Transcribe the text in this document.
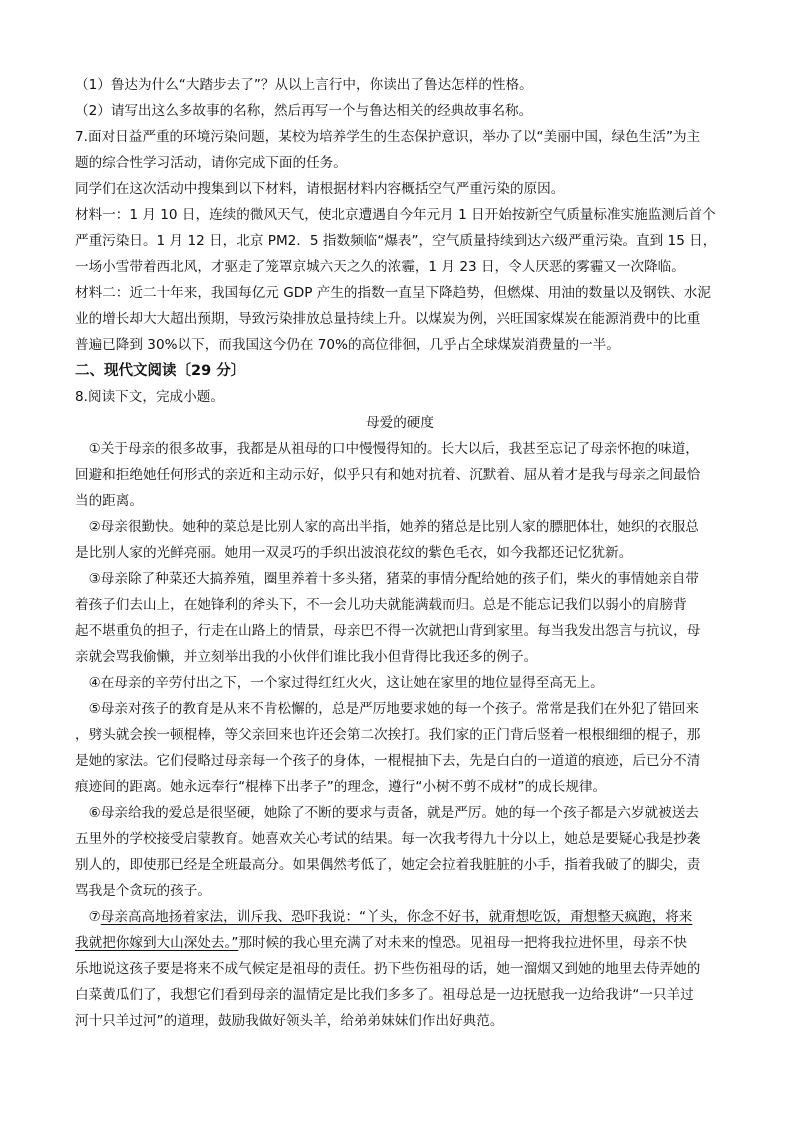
（1）鲁达为什么“大踏步去了”？从以上言行中，你读出了鲁达怎样的性格。
（2）请写出这么多故事的名称，然后再写一个与鲁达相关的经典故事名称。
7.面对日益严重的环境污染问题，某校为培养学生的生态保护意识，举办了以“美丽中国，绿色生活”为主
题的综合性学习活动，请你完成下面的任务。
同学们在这次活动中搜集到以下材料，请根据材料内容概括空气严重污染的原因。
材料一：1 月 10 日，连续的微风天气，使北京遭遇自今年元月 1 日开始按新空气质量标准实施监测后首个
严重污染日。1 月 12 日，北京 PM2．5 指数频临“爆表”，空气质量持续到达六级严重污染。直到 15 日，
一场小雪带着西北风，才驱走了笼罩京城六天之久的浓霾，1 月 23 日，令人厌恶的雾霾又一次降临。
材料二：近二十年来，我国每亿元 GDP 产生的指数一直呈下降趋势，但燃煤、用油的数量以及钢铁、水泥
业的增长却大大超出预期，导致污染排放总量持续上升。以煤炭为例，兴旺国家煤炭在能源消费中的比重
普遍已降到 30%以下，而我国这今仍在 70%的高位徘徊，几乎占全球煤炭消费量的一半。
二、现代文阅读〔29 分〕
8.阅读下文，完成小题。
母爱的硬度
　①关于母亲的很多故事，我都是从祖母的口中慢慢得知的。长大以后，我甚至忘记了母亲怀抱的味道，
回避和拒绝她任何形式的亲近和主动示好，似乎只有和她对抗着、沉默着、屈从着才是我与母亲之间最恰
当的距离。
　②母亲很勤快。她种的菜总是比别人家的高出半指，她养的猪总是比别人家的膘肥体壮，她织的衣服总
是比别人家的光鲜亮丽。她用一双灵巧的手织出波浪花纹的紫色毛衣，如今我都还记忆犹新。
　③母亲除了种菜还大搞养殖，圈里养着十多头猪，猪菜的事情分配给她的孩子们，柴火的事情她亲自带
着孩子们去山上，在她锋利的斧头下，不一会儿功夫就能满载而归。总是不能忘记我们以弱小的肩膀背
起不堪重负的担子，行走在山路上的情景，母亲巴不得一次就把山背到家里。每当我发出怨言与抗议，母
亲就会骂我偷懒，并立刻举出我的小伙伴们谁比我小但背得比我还多的例子。
　④在母亲的辛劳付出之下，一个家过得红红火火，这让她在家里的地位显得至高无上。
　⑤母亲对孩子的教育是从来不肯松懈的，总是严厉地要求她的每一个孩子。常常是我们在外犯了错回来
，劈头就会挨一顿棍棒，等父亲回来也许还会第二次挨打。我们家的正门背后竖着一根根细细的棍子，那
是她的家法。它们侵略过母亲每一个孩子的身体，一棍棍抽下去，先是白白的一道道的痕迹，后已分不清
痕迹间的距离。她永远奉行“棍棒下出孝子”的理念，遵行“小树不剪不成材”的成长规律。
　⑥母亲给我的爱总是很坚硬，她除了不断的要求与责备，就是严厉。她的每一个孩子都是六岁就被送去
五里外的学校接受启蒙教育。她喜欢关心考试的结果。每一次我考得九十分以上，她总是要疑心我是抄袭
别人的，即使那已经是全班最高分。如果偶然考低了，她定会拉着我脏脏的小手，指着我破了的脚尖，责
骂我是个贪玩的孩子。
　⑦母亲高高地扬着家法，训斥我、恐吓我说：“丫头，你念不好书，就甭想吃饭，甭想整天疯跑，将来
我就把你嫁到大山深处去。”那时候的我心里充满了对未来的惶恐。见祖母一把将我拉进怀里，母亲不快
乐地说这孩子要是将来不成气候定是祖母的责任。扔下些伤祖母的话，她一溜烟又到她的地里去侍弄她的
白菜黄瓜们了，我想它们看到母亲的温情定是比我们多多了。祖母总是一边抚慰我一边给我讲“一只羊过
河十只羊过河”的道理，鼓励我做好领头羊，给弟弟妹妹们作出好典范。
